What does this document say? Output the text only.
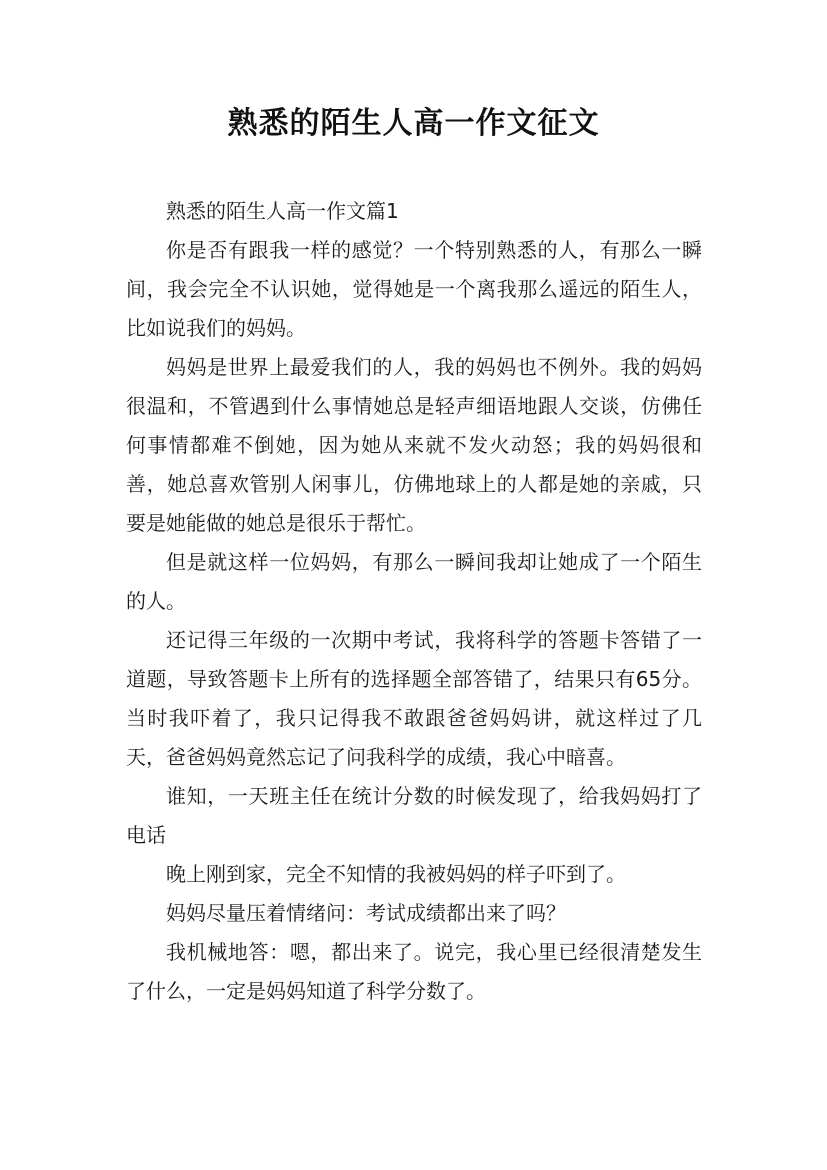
熟悉的陌生人高一作文征文

熟悉的陌生人高一作文篇1

你是否有跟我一样的感觉？一个特别熟悉的人，有那么一瞬间，我会完全不认识她，觉得她是一个离我那么遥远的陌生人，比如说我们的妈妈。

妈妈是世界上最爱我们的人，我的妈妈也不例外。我的妈妈很温和，不管遇到什么事情她总是轻声细语地跟人交谈，仿佛任何事情都难不倒她，因为她从来就不发火动怒；我的妈妈很和善，她总喜欢管别人闲事儿，仿佛地球上的人都是她的亲戚，只要是她能做的她总是很乐于帮忙。

但是就这样一位妈妈，有那么一瞬间我却让她成了一个陌生的人。

还记得三年级的一次期中考试，我将科学的答题卡答错了一道题，导致答题卡上所有的选择题全部答错了，结果只有65分。当时我吓着了，我只记得我不敢跟爸爸妈妈讲，就这样过了几天，爸爸妈妈竟然忘记了问我科学的成绩，我心中暗喜。

谁知，一天班主任在统计分数的时候发现了，给我妈妈打了电话

晚上刚到家，完全不知情的我被妈妈的样子吓到了。

妈妈尽量压着情绪问：考试成绩都出来了吗？

我机械地答：嗯，都出来了。说完，我心里已经很清楚发生了什么，一定是妈妈知道了科学分数了。
